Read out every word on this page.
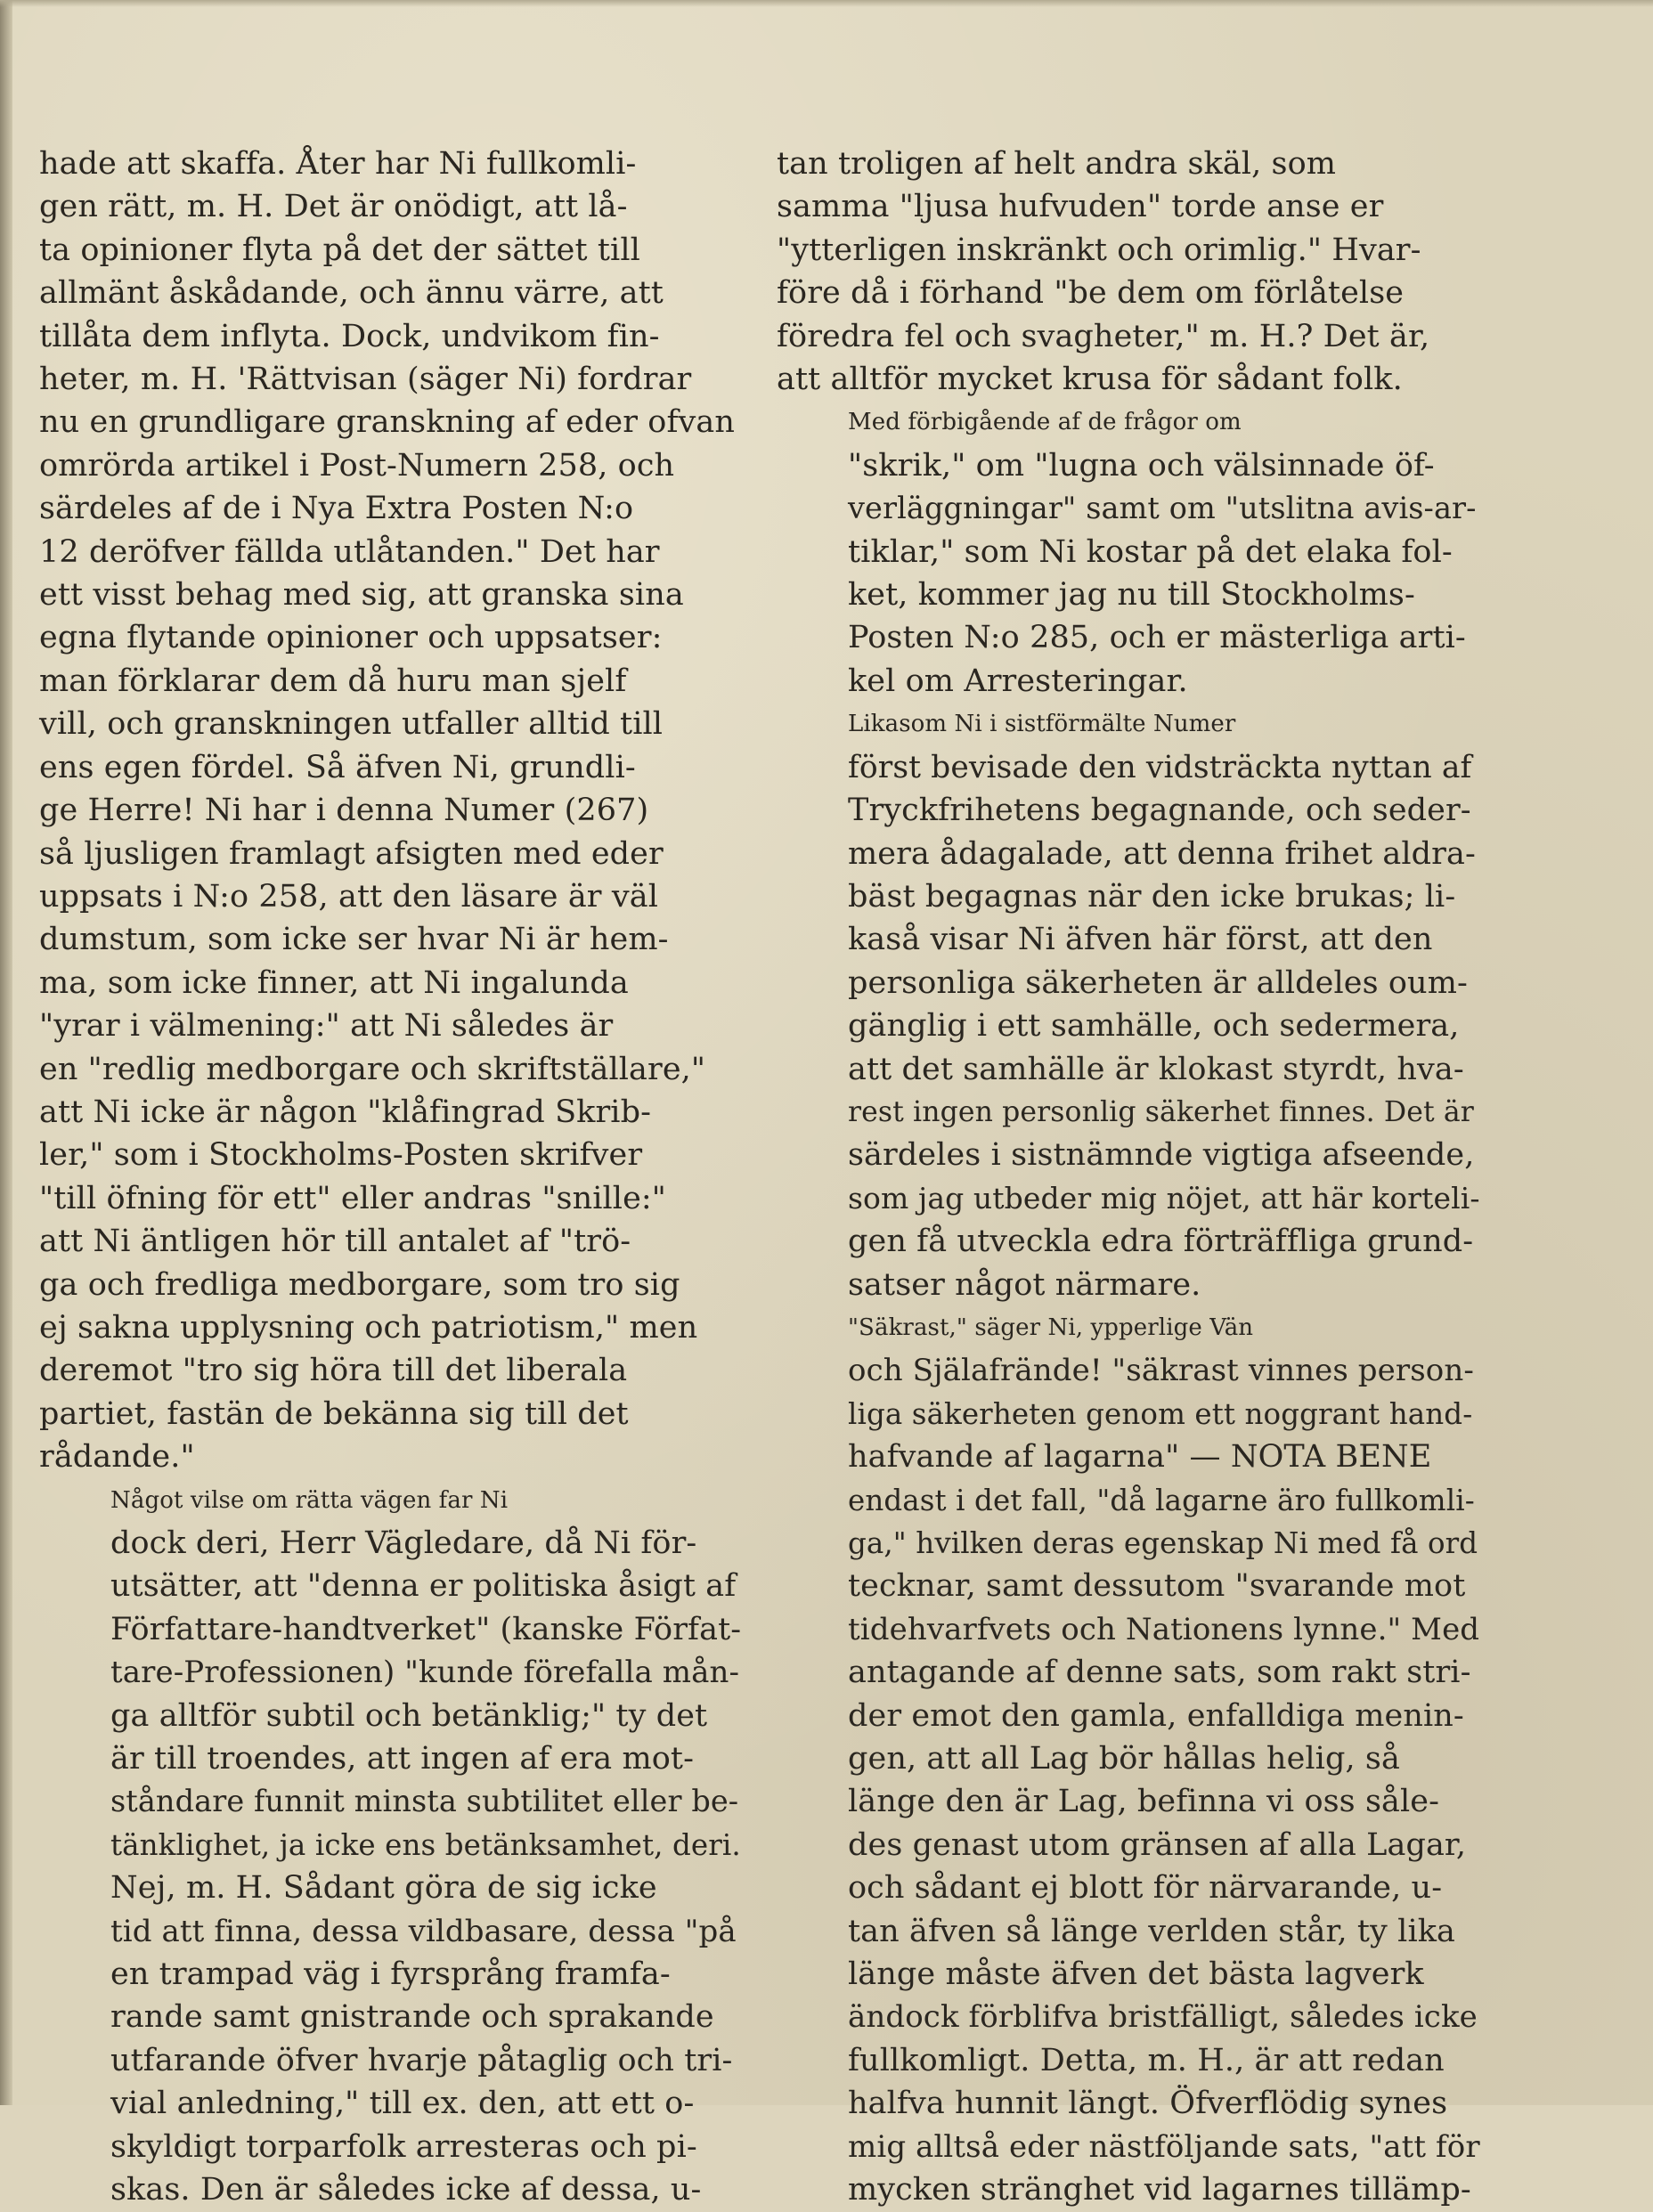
hade att skaffa. Åter har Ni fullkomli-
gen rätt, m. H. Det är onödigt, att lå-
ta opinioner flyta på det der sättet till
allmänt åskådande, och ännu värre, att
tillåta dem inflyta. Dock, undvikom fin-
heter, m. H. 'Rättvisan (säger Ni) fordrar
nu en grundligare granskning af eder ofvan
omrörda artikel i Post-Numern 258, och
särdeles af de i Nya Extra Posten N:o
12 deröfver fällda utlåtanden." Det har
ett visst behag med sig, att granska sina
egna flytande opinioner och uppsatser:
man förklarar dem då huru man sjelf
vill, och granskningen utfaller alltid till
ens egen fördel. Så äfven Ni, grundli-
ge Herre! Ni har i denna Numer (267)
så ljusligen framlagt afsigten med eder
uppsats i N:o 258, att den läsare är väl
dumstum, som icke ser hvar Ni är hem-
ma, som icke finner, att Ni ingalunda
"yrar i välmening:" att Ni således är
en "redlig medborgare och skriftställare,"
att Ni icke är någon "klåfingrad Skrib-
ler," som i Stockholms-Posten skrifver
"till öfning för ett" eller andras "snille:"
att Ni äntligen hör till antalet af "trö-
ga och fredliga medborgare, som tro sig
ej sakna upplysning och patriotism," men
deremot "tro sig höra till det liberala
partiet, fastän de bekänna sig till det
rådande."

Något vilse om rätta vägen far Ni
dock deri, Herr Vägledare, då Ni för-
utsätter, att "denna er politiska åsigt af
Författare-handtverket" (kanske Förfat-
tare-Professionen) "kunde förefalla mån-
ga alltför subtil och betänklig;" ty det
är till troendes, att ingen af era mot-
ståndare funnit minsta subtilitet eller be-
tänklighet, ja icke ens betänksamhet, deri.
Nej, m. H. Sådant göra de sig icke
tid att finna, dessa vildbasare, dessa "på
en trampad väg i fyrsprång framfa-
rande samt gnistrande och sprakande
utfarande öfver hvarje påtaglig och tri-
vial anledning," till ex. den, att ett o-
skyldigt torparfolk arresteras och pi-
skas. Den är således icke af dessa, u-

tan troligen af helt andra skäl, som
samma "ljusa hufvuden" torde anse er
"ytterligen inskränkt och orimlig." Hvar-
före då i förhand "be dem om förlåtelse
föredra fel och svagheter," m. H.? Det är,
att alltför mycket krusa för sådant folk.

Med förbigående af de frågor om
"skrik," om "lugna och välsinnade öf-
verläggningar" samt om "utslitna avis-ar-
tiklar," som Ni kostar på det elaka fol-
ket, kommer jag nu till Stockholms-
Posten N:o 285, och er mästerliga arti-
kel om Arresteringar.

Likasom Ni i sistförmälte Numer
först bevisade den vidsträckta nyttan af
Tryckfrihetens begagnande, och seder-
mera ådagalade, att denna frihet aldra-
bäst begagnas när den icke brukas; li-
kaså visar Ni äfven här först, att den
personliga säkerheten är alldeles oum-
gänglig i ett samhälle, och sedermera,
att det samhälle är klokast styrdt, hva-
rest ingen personlig säkerhet finnes. Det är
särdeles i sistnämnde vigtiga afseende,
som jag utbeder mig nöjet, att här korteli-
gen få utveckla edra förträffliga grund-
satser något närmare.

"Säkrast," säger Ni, ypperlige Vän
och Själafrände! "säkrast vinnes person-
liga säkerheten genom ett noggrant hand-
hafvande af lagarna" — NOTA BENE
endast i det fall, "då lagarne äro fullkomli-
ga," hvilken deras egenskap Ni med få ord
tecknar, samt dessutom "svarande mot
tidehvarfvets och Nationens lynne." Med
antagande af denne sats, som rakt stri-
der emot den gamla, enfalldiga menin-
gen, att all Lag bör hållas helig, så
länge den är Lag, befinna vi oss såle-
des genast utom gränsen af alla Lagar,
och sådant ej blott för närvarande, u-
tan äfven så länge verlden står, ty lika
länge måste äfven det bästa lagverk
ändock förblifva bristfälligt, således icke
fullkomligt. Detta, m. H., är att redan
halfva hunnit längt. Öfverflödig synes
mig alltså eder nästföljande sats, "att för
mycken stränghet vid lagarnes tillämp-
